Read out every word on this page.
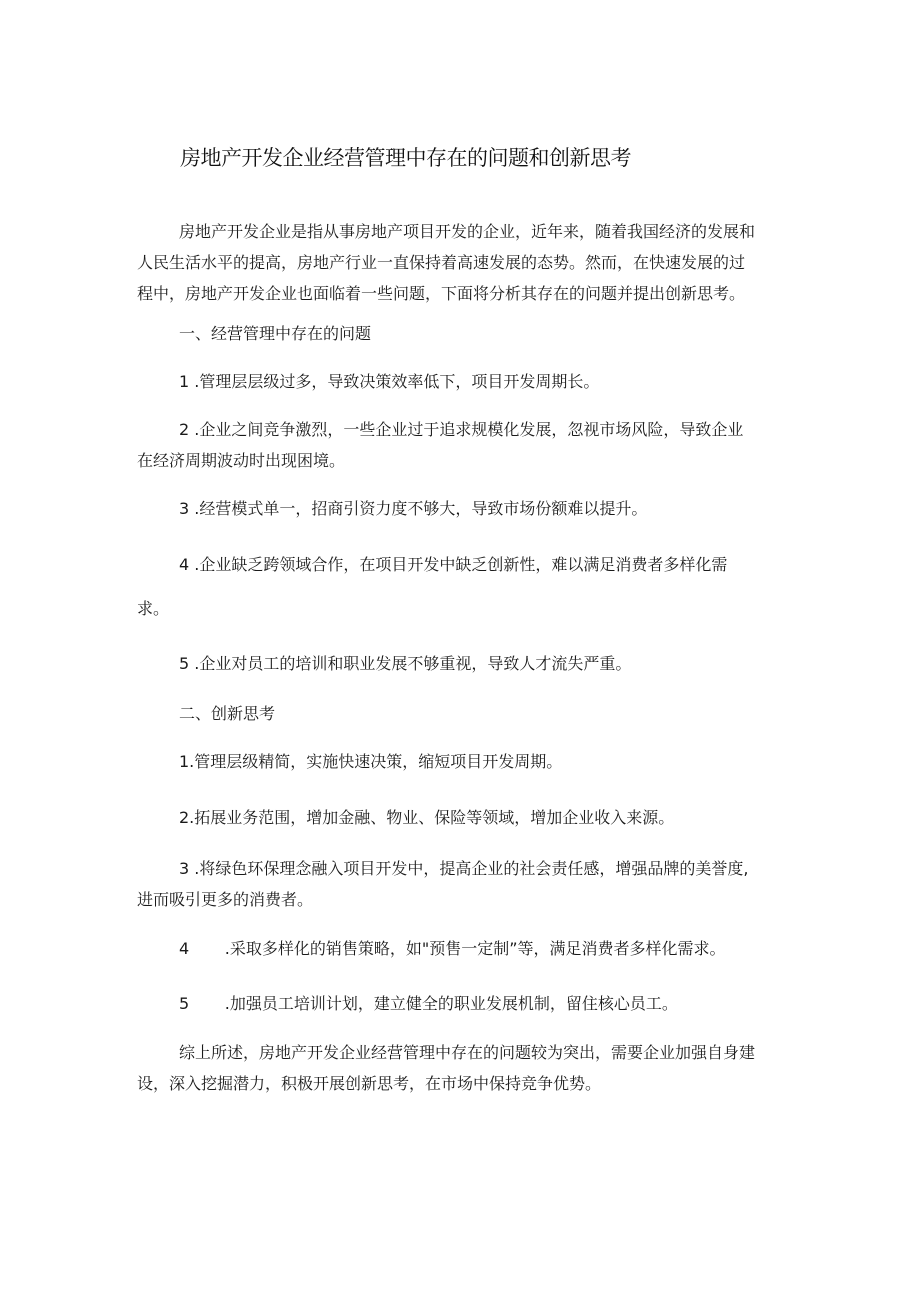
房地产开发企业经营管理中存在的问题和创新思考
房地产开发企业是指从事房地产项目开发的企业，近年来，随着我国经济的发展和
人民生活水平的提高，房地产行业一直保持着高速发展的态势。然而，在快速发展的过
程中，房地产开发企业也面临着一些问题，下面将分析其存在的问题并提出创新思考。
一、经营管理中存在的问题
1 .管理层层级过多，导致决策效率低下，项目开发周期长。
2 .企业之间竞争激烈，一些企业过于追求规模化发展，忽视市场风险，导致企业
在经济周期波动时出现困境。
3 .经营模式单一，招商引资力度不够大，导致市场份额难以提升。
4 .企业缺乏跨领域合作，在项目开发中缺乏创新性，难以满足消费者多样化需
求。
5 .企业对员工的培训和职业发展不够重视，导致人才流失严重。
二、创新思考
1.管理层级精简，实施快速决策，缩短项目开发周期。
2.拓展业务范围，增加金融、物业、保险等领域，增加企业收入来源。
3 .将绿色环保理念融入项目开发中，提高企业的社会责任感，增强品牌的美誉度,
进而吸引更多的消费者。
4       .采取多样化的销售策略，如"预售一定制”等，满足消费者多样化需求。
5       .加强员工培训计划，建立健全的职业发展机制，留住核心员工。
综上所述，房地产开发企业经营管理中存在的问题较为突出，需要企业加强自身建
设，深入挖掘潜力，积极开展创新思考，在市场中保持竞争优势。
